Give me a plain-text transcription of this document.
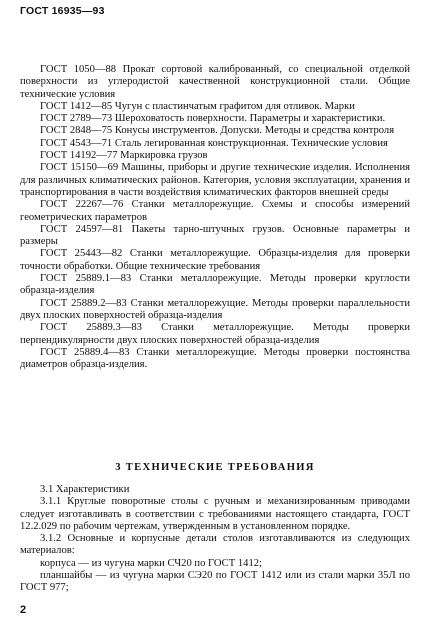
ГОСТ 16935—93

ГОСТ 1050—88 Прокат сортовой калиброванный, со специальной отделкой поверхности из углеродистой качественной конструкционной стали. Общие технические условия

ГОСТ 1412—85 Чугун с пластинчатым графитом для отливок. Марки

ГОСТ 2789—73 Шероховатость поверхности. Параметры и характеристики.

ГОСТ 2848—75 Конусы инструментов. Допуски. Методы и средства контроля

ГОСТ 4543—71 Сталь легированная конструкционная. Технические условия

ГОСТ 14192—77 Маркировка грузов

ГОСТ 15150—69 Машины, приборы и другие технические изделия. Исполнения для различных климатических районов. Категория, условия эксплуатации, хранения и транспортирования в части воздействия климатических факторов внешней среды

ГОСТ 22267—76 Станки металлорежущие. Схемы и способы измерений геометрических параметров

ГОСТ 24597—81 Пакеты тарно-штучных грузов. Основные параметры и размеры

ГОСТ 25443—82 Станки металлорежущие. Образцы-изделия для проверки точности обработки. Общие технические требования

ГОСТ 25889.1—83 Станки металлорежущие. Методы проверки круглости образца-изделия

ГОСТ 25889.2—83 Станки металлорежущие. Методы проверки параллельности двух плоских поверхностей образца-изделия

ГОСТ 25889.3—83 Станки металлорежущие. Методы проверки перпендикулярности двух плоских поверхностей образца-изделия

ГОСТ 25889.4—83 Станки металлорежущие. Методы проверки постоянства диаметров образца-изделия.

3 ТЕХНИЧЕСКИЕ ТРЕБОВАНИЯ

3.1 Характеристики

3.1.1 Круглые поворотные столы с ручным и механизированным приводами следует изготавливать в соответствии с требованиями настоящего стандарта, ГОСТ 12.2.029 по рабочим чертежам, утвержденным в установленном порядке.

3.1.2 Основные и корпусные детали столов изготавливаются из следующих материалов:

корпуса — из чугуна марки СЧ20 по ГОСТ 1412;

планшайбы — из чугуна марки СЭ20 по ГОСТ 1412 или из стали марки 35Л по ГОСТ 977;

2
